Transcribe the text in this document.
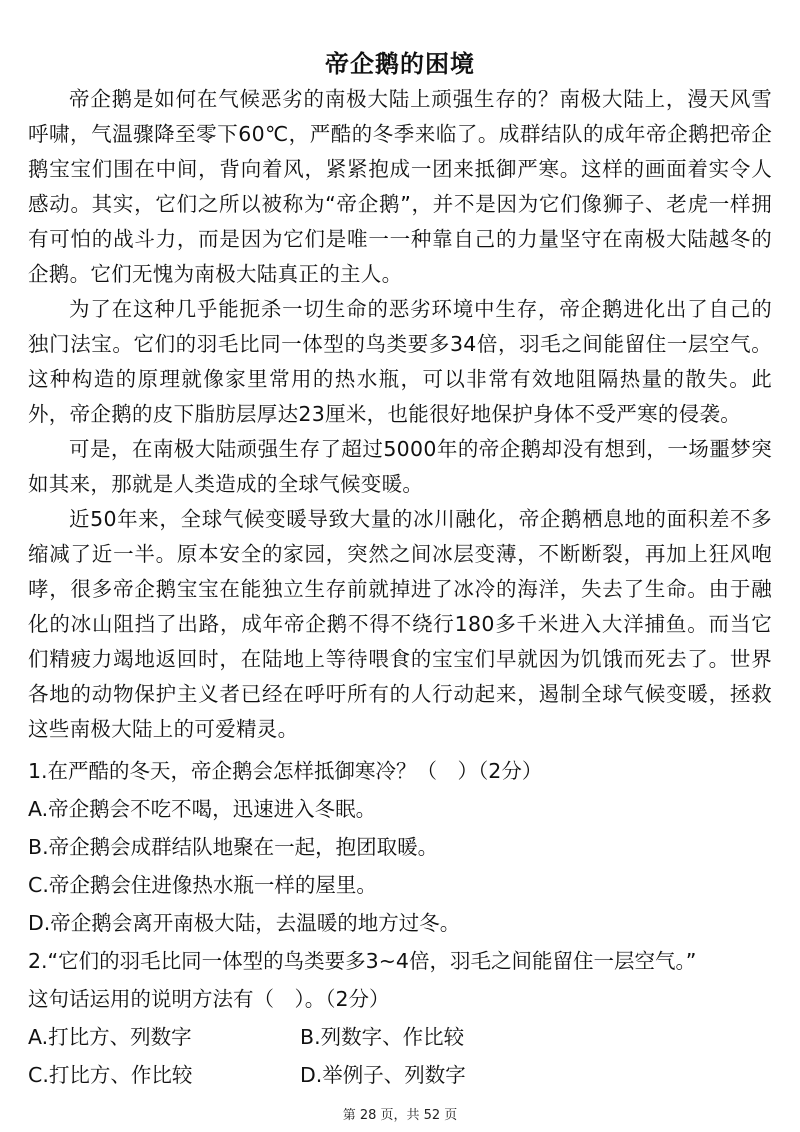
帝企鹅的困境

帝企鹅是如何在气候恶劣的南极大陆上顽强生存的？南极大陆上，漫天风雪呼啸，气温骤降至零下60℃，严酷的冬季来临了。成群结队的成年帝企鹅把帝企鹅宝宝们围在中间，背向着风，紧紧抱成一团来抵御严寒。这样的画面着实令人感动。其实，它们之所以被称为“帝企鹅”，并不是因为它们像狮子、老虎一样拥有可怕的战斗力，而是因为它们是唯一一种靠自己的力量坚守在南极大陆越冬的企鹅。它们无愧为南极大陆真正的主人。

为了在这种几乎能扼杀一切生命的恶劣环境中生存，帝企鹅进化出了自己的独门法宝。它们的羽毛比同一体型的鸟类要多34倍，羽毛之间能留住一层空气。这种构造的原理就像家里常用的热水瓶，可以非常有效地阻隔热量的散失。此外，帝企鹅的皮下脂肪层厚达23厘米，也能很好地保护身体不受严寒的侵袭。

可是，在南极大陆顽强生存了超过5000年的帝企鹅却没有想到，一场噩梦突如其来，那就是人类造成的全球气候变暖。

近50年来，全球气候变暖导致大量的冰川融化，帝企鹅栖息地的面积差不多缩减了近一半。原本安全的家园，突然之间冰层变薄，不断断裂，再加上狂风咆哮，很多帝企鹅宝宝在能独立生存前就掉进了冰冷的海洋，失去了生命。由于融化的冰山阻挡了出路，成年帝企鹅不得不绕行180多千米进入大洋捕鱼。而当它们精疲力竭地返回时，在陆地上等待喂食的宝宝们早就因为饥饿而死去了。世界各地的动物保护主义者已经在呼吁所有的人行动起来，遏制全球气候变暖，拯救这些南极大陆上的可爱精灵。

1.在严酷的冬天，帝企鹅会怎样抵御寒冷？（　）（2分）

A.帝企鹅会不吃不喝，迅速进入冬眠。

B.帝企鹅会成群结队地聚在一起，抱团取暖。

C.帝企鹅会住进像热水瓶一样的屋里。

D.帝企鹅会离开南极大陆，去温暖的地方过冬。

2.“它们的羽毛比同一体型的鸟类要多3~4倍，羽毛之间能留住一层空气。”

这句话运用的说明方法有（　）。（2分）

A.打比方、列数字	B.列数字、作比较
C.打比方、作比较	D.举例子、列数字
第 28 页，共 52 页
